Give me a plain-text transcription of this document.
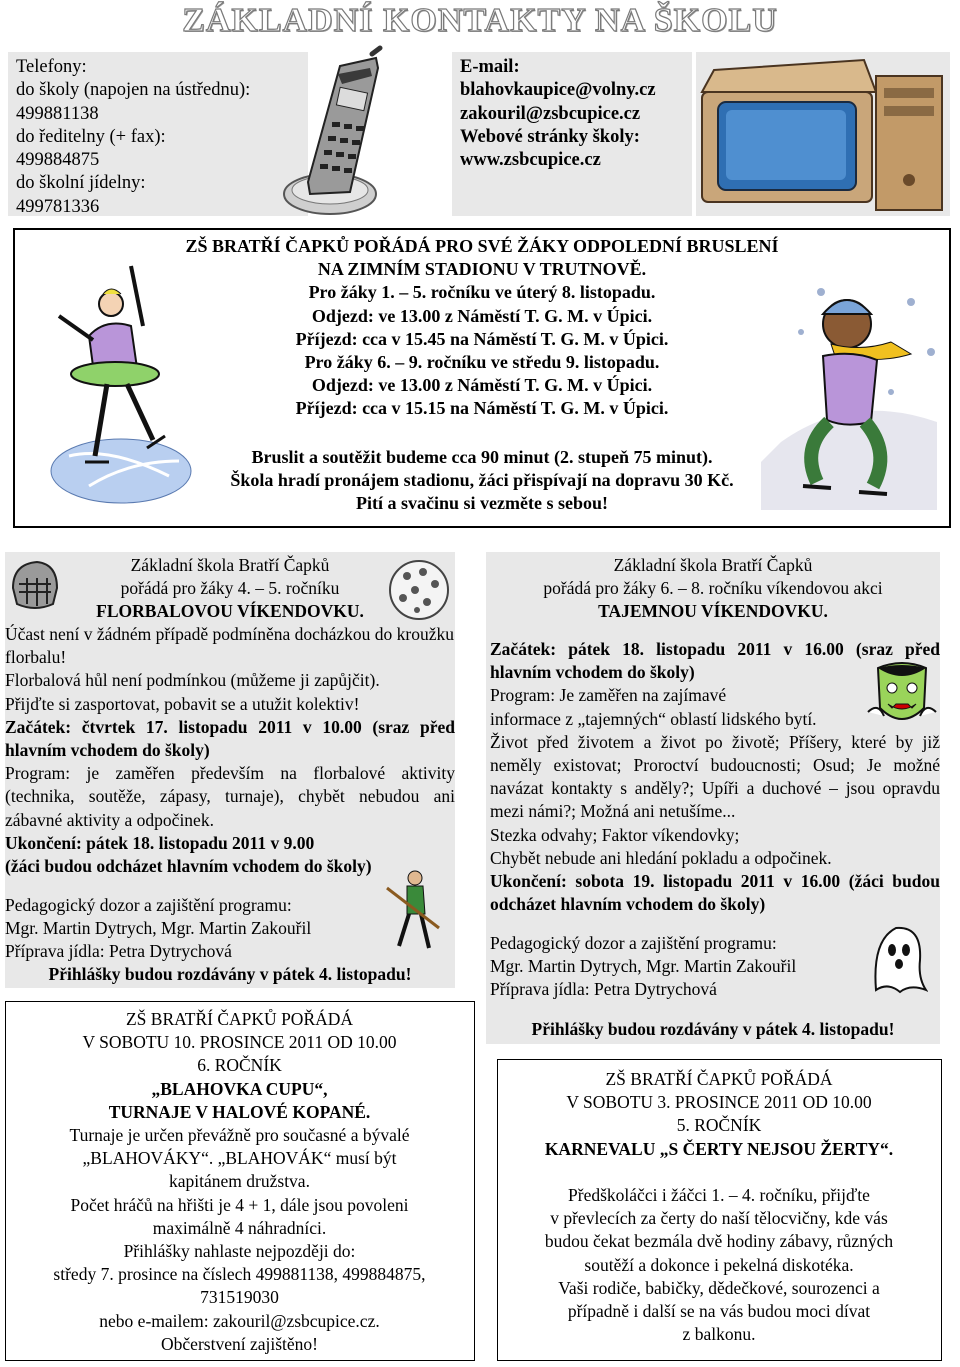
ZÁKLADNÍ KONTAKTY NA ŠKOLU
Telefony:
do školy (napojen na ústřednu):
499881138
do ředitelny (+ fax):
499884875
do školní jídelny:
499781336
E-mail:
blahovkaupice@volny.cz
zakouril@zsbcupice.cz
Webové stránky školy:
www.zsbcupice.cz
ZŠ BRATŘÍ ČAPKŮ POŘÁDÁ PRO SVÉ ŽÁKY ODPOLEDNÍ BRUSLENÍ
NA ZIMNÍM STADIONU V TRUTNOVĚ.
Pro žáky 1. – 5. ročníku ve úterý 8. listopadu.
Odjezd: ve 13.00 z Náměstí T. G. M. v Úpici.
Příjezd: cca v 15.45 na Náměstí T. G. M. v Úpici.
Pro žáky 6. – 9. ročníku ve středu 9. listopadu.
Odjezd: ve 13.00 z Náměstí T. G. M. v Úpici.
Příjezd: cca v 15.15 na Náměstí T. G. M. v Úpici.
Bruslit a soutěžit budeme cca 90 minut (2. stupeň 75 minut).
Škola hradí pronájem stadionu, žáci přispívají na dopravu 30 Kč.
Pití a svačinu si vezměte s sebou!
Základní škola Bratří Čapků
pořádá pro žáky 4. – 5. ročníku
FLORBALOVOU VÍKENDOVKU.
Účast není v žádném případě podmíněna docházkou do kroužku florbalu!
Florbalová hůl není podmínkou (můžeme ji zapůjčit).
Přijďte si zasportovat, pobavit se a utužit kolektiv!
Začátek: čtvrtek 17. listopadu 2011 v 10.00 (sraz před hlavním vchodem do školy)
Program: je zaměřen především na florbalové aktivity (technika, soutěže, zápasy, turnaje), chybět nebudou ani zábavné aktivity a odpočinek.
Ukončení: pátek 18. listopadu 2011 v 9.00
(žáci budou odcházet hlavním vchodem do školy)
Pedagogický dozor a zajištění programu:
Mgr. Martin Dytrych, Mgr. Martin Zakouřil
Příprava jídla: Petra Dytrychová
Přihlášky budou rozdávány v pátek 4. listopadu!
Základní škola Bratří Čapků
pořádá pro žáky 6. – 8. ročníku víkendovou akci
TAJEMNOU VÍKENDOVKU.
Začátek: pátek 18. listopadu 2011 v 16.00 (sraz před hlavním vchodem do školy)
Program: Je zaměřen na zajímavé
informace z „tajemných“ oblastí lidského bytí.
Život před životem a život po životě; Příšery, které by již neměly existovat; Proroctví budoucnosti; Osud; Je možné navázat kontakty s anděly?; Upíři a duchové – jsou opravdu mezi námi?; Možná ani netušíme...
Stezka odvahy; Faktor víkendovky;
Chybět nebude ani hledání pokladu a odpočinek.
Ukončení: sobota 19. listopadu 2011 v 16.00 (žáci budou odcházet hlavním vchodem do školy)
Pedagogický dozor a zajištění programu:
Mgr. Martin Dytrych, Mgr. Martin Zakouřil
Příprava jídla: Petra Dytrychová
Přihlášky budou rozdávány v pátek 4. listopadu!
ZŠ BRATŘÍ ČAPKŮ POŘÁDÁ
V SOBOTU 10. PROSINCE 2011 OD 10.00
6. ROČNÍK
„BLAHOVKA CUPU“,
TURNAJE V HALOVÉ KOPANÉ.
Turnaje je určen převážně pro současné a bývalé
„BLAHOVÁKY“. „BLAHOVÁK“ musí být
kapitánem družstva.
Počet hráčů na hřišti je 4 + 1, dále jsou povoleni
maximálně 4 náhradníci.
Přihlášky nahlaste nejpozději do:
středy 7. prosince na číslech 499881138, 499884875,
731519030
nebo e-mailem: zakouril@zsbcupice.cz.
Občerstvení zajištěno!
ZŠ BRATŘÍ ČAPKŮ POŘÁDÁ
V SOBOTU 3. PROSINCE 2011 OD 10.00
5. ROČNÍK
KARNEVALU „S ČERTY NEJSOU ŽERTY“.
Předškoláčci i žáčci 1. – 4. ročníku, přijďte
v převlecích za čerty do naší tělocvičny, kde vás
budou čekat bezmála dvě hodiny zábavy, různých
soutěží a dokonce i pekelná diskotéka.
Vaši rodiče, babičky, dědečkové, sourozenci a
případně i další se na vás budou moci dívat
z balkonu.
